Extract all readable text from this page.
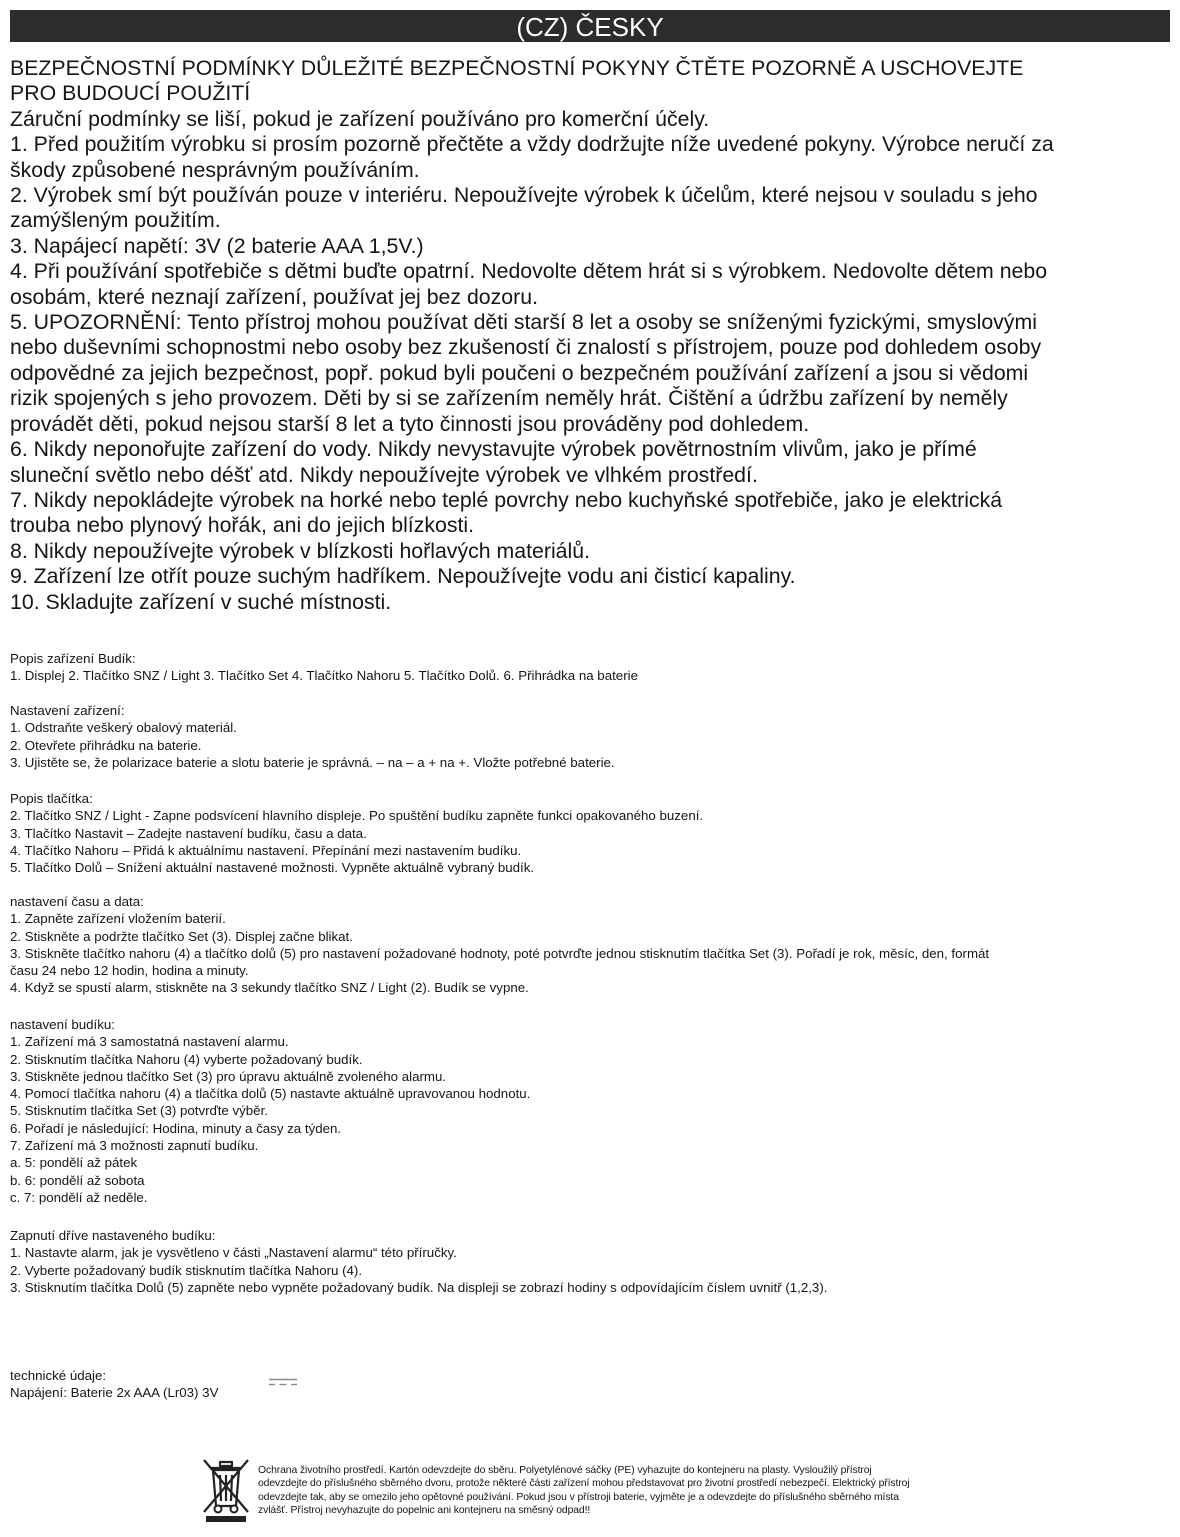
(CZ) ČESKY

BEZPEČNOSTNÍ PODMÍNKY DŮLEŽITÉ BEZPEČNOSTNÍ POKYNY ČTĚTE POZORNĚ A USCHOVEJTE

PRO BUDOUCÍ POUŽITÍ

Záruční podmínky se liší, pokud je zařízení používáno pro komerční účely.

1. Před použitím výrobku si prosím pozorně přečtěte a vždy dodržujte níže uvedené pokyny. Výrobce neručí za

škody způsobené nesprávným používáním.

2. Výrobek smí být používán pouze v interiéru. Nepoužívejte výrobek k účelům, které nejsou v souladu s jeho

zamýšleným použitím.

3. Napájecí napětí: 3V (2 baterie AAA 1,5V.)

4. Při používání spotřebiče s dětmi buďte opatrní. Nedovolte dětem hrát si s výrobkem. Nedovolte dětem nebo

osobám, které neznají zařízení, používat jej bez dozoru.

5. UPOZORNĚNÍ: Tento přístroj mohou používat děti starší 8 let a osoby se sníženými fyzickými, smyslovými

nebo duševními schopnostmi nebo osoby bez zkušeností či znalostí s přístrojem, pouze pod dohledem osoby

odpovědné za jejich bezpečnost, popř. pokud byli poučeni o bezpečném používání zařízení a jsou si vědomi

rizik spojených s jeho provozem. Děti by si se zařízením neměly hrát. Čištění a údržbu zařízení by neměly

provádět děti, pokud nejsou starší 8 let a tyto činnosti jsou prováděny pod dohledem.

6. Nikdy neponořujte zařízení do vody. Nikdy nevystavujte výrobek povětrnostním vlivům, jako je přímé

sluneční světlo nebo déšť atd. Nikdy nepoužívejte výrobek ve vlhkém prostředí.

7. Nikdy nepokládejte výrobek na horké nebo teplé povrchy nebo kuchyňské spotřebiče, jako je elektrická

trouba nebo plynový hořák, ani do jejich blízkosti.

8. Nikdy nepoužívejte výrobek v blízkosti hořlavých materiálů.

9. Zařízení lze otřít pouze suchým hadříkem. Nepoužívejte vodu ani čisticí kapaliny.

10. Skladujte zařízení v suché místnosti.

Popis zařízení Budík:

1. Displej 2. Tlačítko SNZ / Light 3. Tlačítko Set 4. Tlačítko Nahoru 5. Tlačítko Dolů. 6. Přihrádka na baterie

Nastavení zařízení:

1. Odstraňte veškerý obalový materiál.

2. Otevřete přihrádku na baterie.

3. Ujistěte se, že polarizace baterie a slotu baterie je správná. – na – a + na +. Vložte potřebné baterie.

Popis tlačítka:

2. Tlačítko SNZ / Light - Zapne podsvícení hlavního displeje. Po spuštění budíku zapněte funkci opakovaného buzení.

3. Tlačítko Nastavit – Zadejte nastavení budíku, času a data.

4. Tlačítko Nahoru – Přidá k aktuálnímu nastavení. Přepínání mezi nastavením budíku.

5. Tlačítko Dolů – Snížení aktuální nastavené možnosti. Vypněte aktuálně vybraný budík.

nastavení času a data:

1. Zapněte zařízení vložením baterií.

2. Stiskněte a podržte tlačítko Set (3). Displej začne blikat.

3. Stiskněte tlačítko nahoru (4) a tlačítko dolů (5) pro nastavení požadované hodnoty, poté potvrďte jednou stisknutím tlačítka Set (3). Pořadí je rok, měsíc, den, formát

času 24 nebo 12 hodin, hodina a minuty.

4. Když se spustí alarm, stiskněte na 3 sekundy tlačítko SNZ / Light (2). Budík se vypne.

nastavení budíku:

1. Zařízení má 3 samostatná nastavení alarmu.

2. Stisknutím tlačítka Nahoru (4) vyberte požadovaný budík.

3. Stiskněte jednou tlačítko Set (3) pro úpravu aktuálně zvoleného alarmu.

4. Pomocí tlačítka nahoru (4) a tlačítka dolů (5) nastavte aktuálně upravovanou hodnotu.

5. Stisknutím tlačítka Set (3) potvrďte výběr.

6. Pořadí je následující: Hodina, minuty a časy za týden.

7. Zařízení má 3 možnosti zapnutí budíku.

a. 5: pondělí až pátek

b. 6: pondělí až sobota

c. 7: pondělí až neděle.

Zapnutí dříve nastaveného budíku:

1. Nastavte alarm, jak je vysvětleno v části „Nastavení alarmu“ této příručky.

2. Vyberte požadovaný budík stisknutím tlačítka Nahoru (4).

3. Stisknutím tlačítka Dolů (5) zapněte nebo vypněte požadovaný budík. Na displeji se zobrazí hodiny s odpovídajícím číslem uvnitř (1,2,3).

technické údaje:

Napájení: Baterie 2x AAA (Lr03) 3V

Ochrana životního prostředí. Kartón odevzdejte do sběru. Polyetylénové sáčky (PE) vyhazujte do kontejneru na plasty. Vysloužilý přístroj

odevzdejte do příslušného sběrného dvoru, protože některé části zařízení mohou představovat pro životní prostředí nebezpečí. Elektrický přístroj

odevzdejte tak, aby se omezilo jeho opětovné používání. Pokud jsou v přístroji baterie, vyjměte je a odevzdejte do příslušného sběrného místa

zvlášť. Přístroj nevyhazujte do popelnic ani kontejneru na směsný odpad!!
